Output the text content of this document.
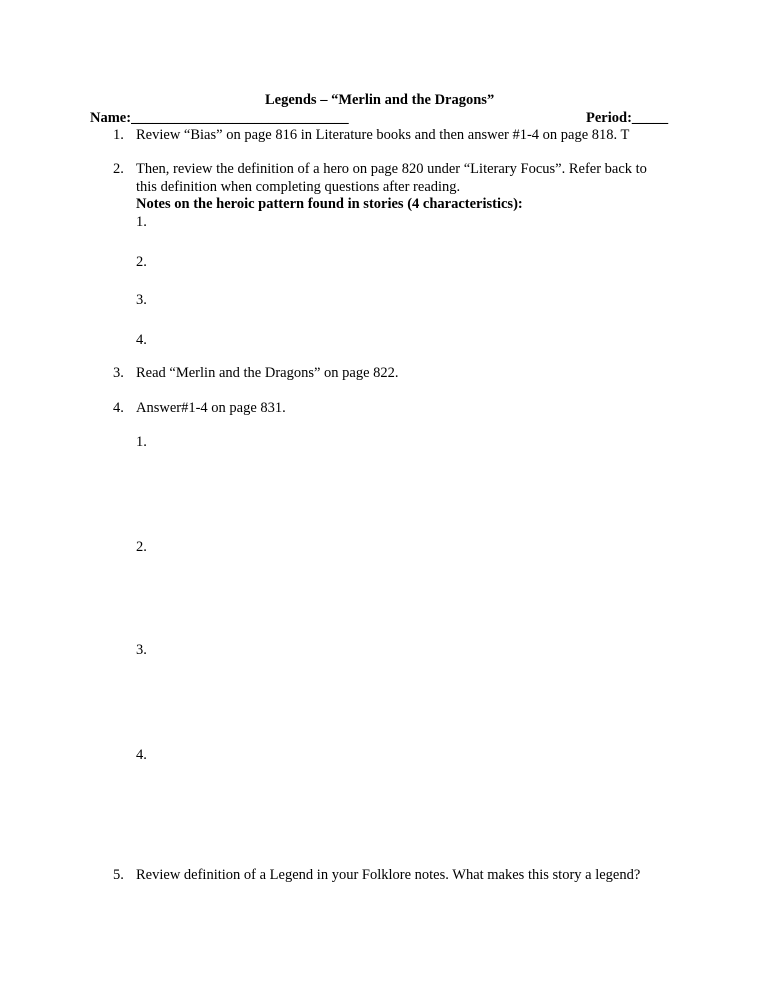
Legends – “Merlin and the Dragons”
Name:______________________________	Period:_____
1. Review “Bias” on page 816 in Literature books and then answer #1-4 on page 818. T
2. Then, review the definition of a hero on page 820 under “Literary Focus”. Refer back to
this definition when completing questions after reading.
Notes on the heroic pattern found in stories (4 characteristics):
1.
2.
3.
4.
3. Read “Merlin and the Dragons” on page 822.
4. Answer#1-4 on page 831.
1.
2.
3.
4.
5. Review definition of a Legend in your Folklore notes. What makes this story a legend?
